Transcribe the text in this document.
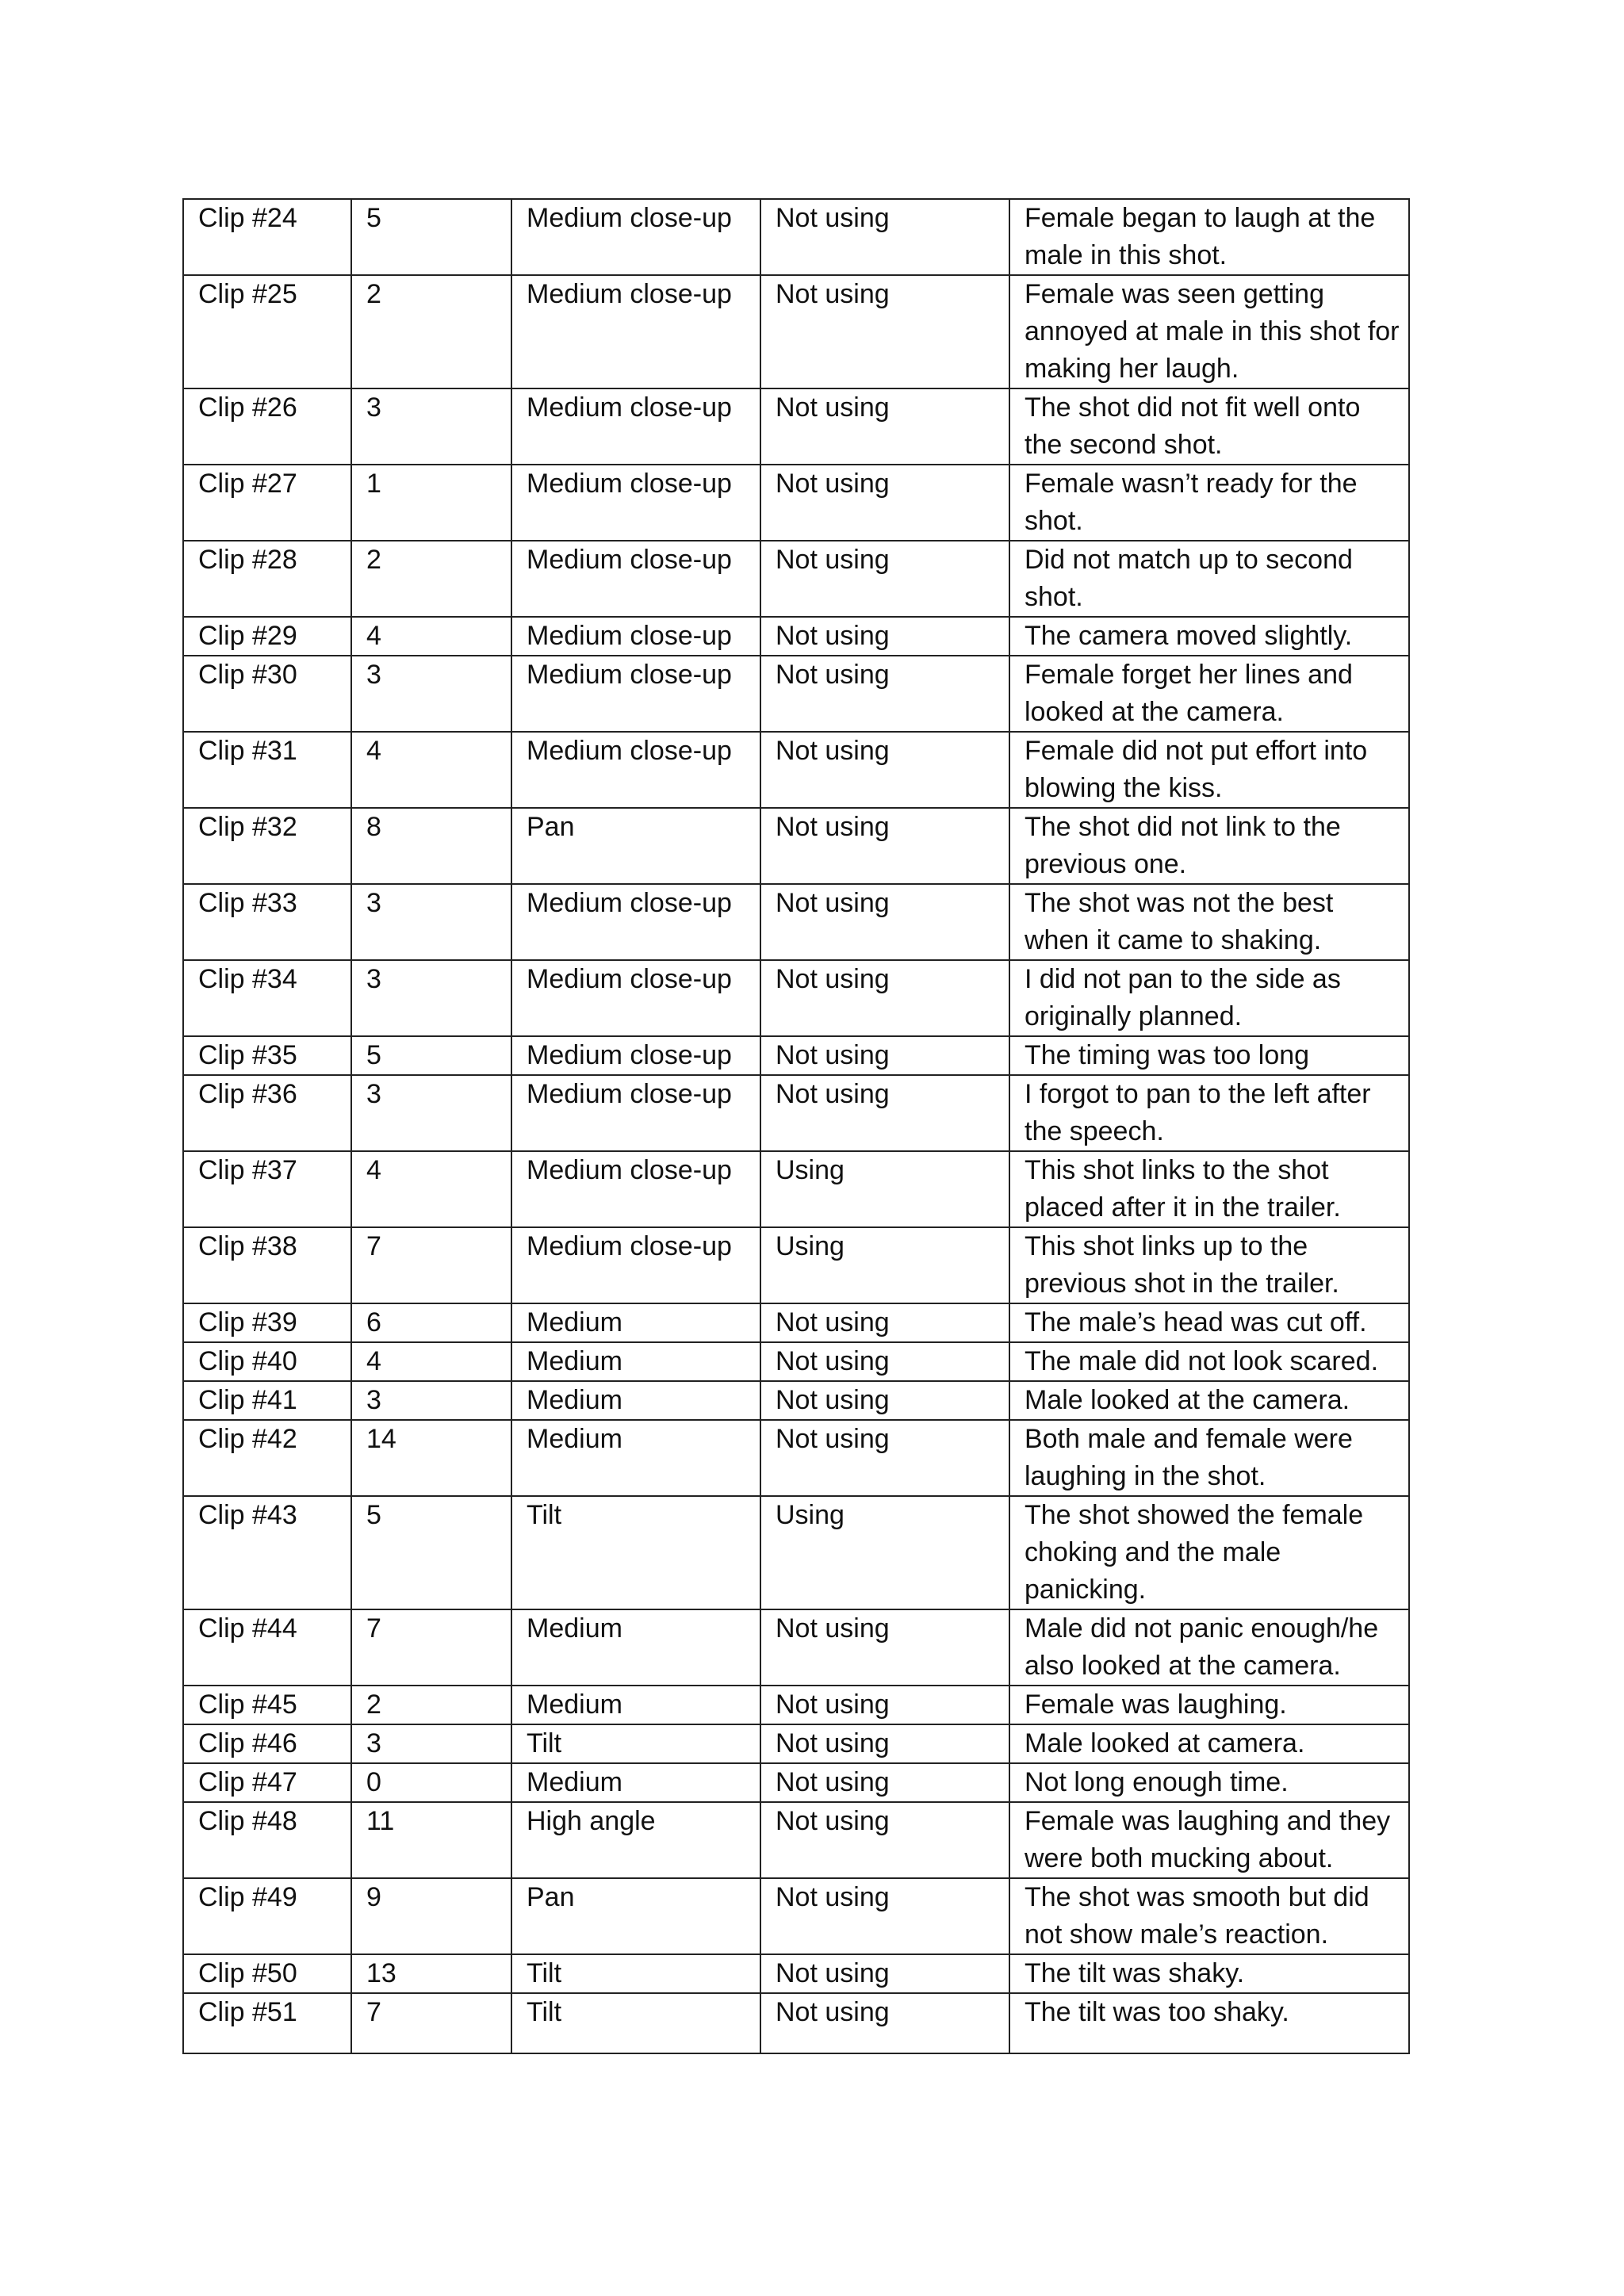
Clip #24	5	Medium close-up	Not using	Female began to laugh at the male in this shot.
Clip #25	2	Medium close-up	Not using	Female was seen getting annoyed at male in this shot for making her laugh.
Clip #26	3	Medium close-up	Not using	The shot did not fit well onto the second shot.
Clip #27	1	Medium close-up	Not using	Female wasn’t ready for the shot.
Clip #28	2	Medium close-up	Not using	Did not match up to second shot.
Clip #29	4	Medium close-up	Not using	The camera moved slightly.
Clip #30	3	Medium close-up	Not using	Female forget her lines and looked at the camera.
Clip #31	4	Medium close-up	Not using	Female did not put effort into blowing the kiss.
Clip #32	8	Pan	Not using	The shot did not link to the previous one.
Clip #33	3	Medium close-up	Not using	The shot was not the best when it came to shaking.
Clip #34	3	Medium close-up	Not using	I did not pan to the side as originally planned.
Clip #35	5	Medium close-up	Not using	The timing was too long
Clip #36	3	Medium close-up	Not using	I forgot to pan to the left after the speech.
Clip #37	4	Medium close-up	Using	This shot links to the shot placed after it in the trailer.
Clip #38	7	Medium close-up	Using	This shot links up to the previous shot in the trailer.
Clip #39	6	Medium	Not using	The male’s head was cut off.
Clip #40	4	Medium	Not using	The male did not look scared.
Clip #41	3	Medium	Not using	Male looked at the camera.
Clip #42	14	Medium	Not using	Both male and female were laughing in the shot.
Clip #43	5	Tilt	Using	The shot showed the female choking and the male panicking.
Clip #44	7	Medium	Not using	Male did not panic enough/he also looked at the camera.
Clip #45	2	Medium	Not using	Female was laughing.
Clip #46	3	Tilt	Not using	Male looked at camera.
Clip #47	0	Medium	Not using	Not long enough time.
Clip #48	11	High angle	Not using	Female was laughing and they were both mucking about.
Clip #49	9	Pan	Not using	The shot was smooth but did not show male’s reaction.
Clip #50	13	Tilt	Not using	The tilt was shaky.
Clip #51	7	Tilt	Not using	The tilt was too shaky.
